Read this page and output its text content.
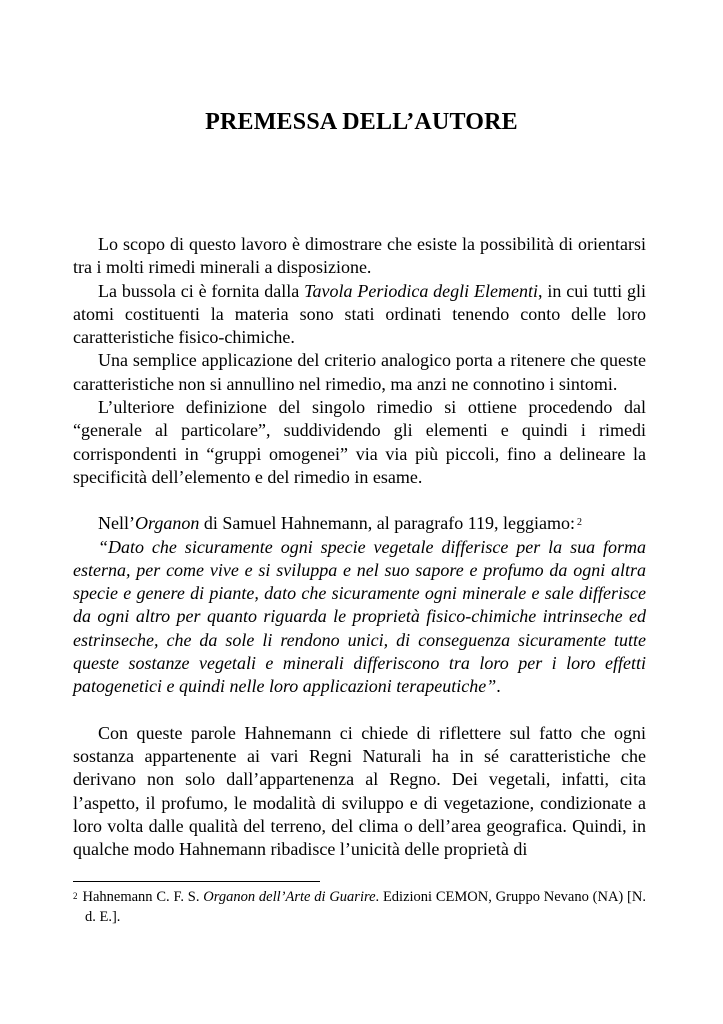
PREMESSA DELL’AUTORE

Lo scopo di questo lavoro è dimostrare che esiste la possibilità di orientarsi tra i molti rimedi minerali a disposizione.

La bussola ci è fornita dalla Tavola Periodica degli Elementi, in cui tutti gli atomi costituenti la materia sono stati ordinati tenendo conto delle loro caratteristiche fisico-chimiche.

Una semplice applicazione del criterio analogico porta a ritenere che queste caratteristiche non si annullino nel rimedio, ma anzi ne connotino i sintomi.

L’ulteriore definizione del singolo rimedio si ottiene procedendo dal “generale al particolare”, suddividendo gli elementi e quindi i rimedi corrispondenti in “gruppi omogenei” via via più piccoli, fino a delineare la specificità dell’elemento e del rimedio in esame.

Nell’Organon di Samuel Hahnemann, al paragrafo 119, leggiamo: $^2$

“Dato che sicuramente ogni specie vegetale differisce per la sua forma esterna, per come vive e si sviluppa e nel suo sapore e profumo da ogni altra specie e genere di piante, dato che sicuramente ogni minerale e sale differisce da ogni altro per quanto riguarda le proprietà fisico-chimiche intrinseche ed estrinseche, che da sole li rendono unici, di conseguenza sicuramente tutte queste sostanze vegetali e minerali differiscono tra loro per i loro effetti patogenetici e quindi nelle loro applicazioni terapeutiche”.

Con queste parole Hahnemann ci chiede di riflettere sul fatto che ogni sostanza appartenente ai vari Regni Naturali ha in sé caratteristiche che derivano non solo dall’appartenenza al Regno. Dei vegetali, infatti, cita l’aspetto, il profumo, le modalità di sviluppo e di vegetazione, condizionate a loro volta dalle qualità del terreno, del clima o dell’area geografica. Quindi, in qualche modo Hahnemann ribadisce l’unicità delle proprietà di

$^2$ Hahnemann C. F. S. Organon dell’Arte di Guarire. Edizioni CEMON, Gruppo Nevano (NA) [N. d. E.].
